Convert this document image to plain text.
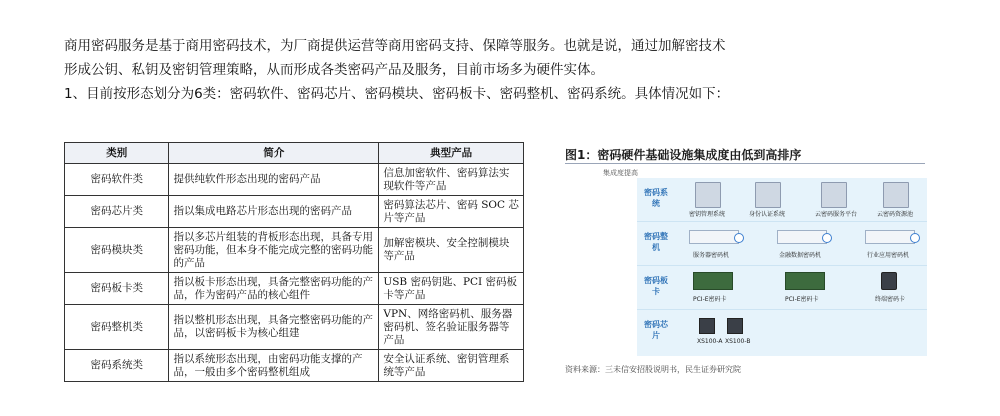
商用密码服务是基于商用密码技术，为厂商提供运营等商用密码支持、保障等服务。也就是说，通过加解密技术

形成公钥、私钥及密钥管理策略，从而形成各类密码产品及服务，目前市场多为硬件实体。

1、目前按形态划分为6类：密码软件、密码芯片、密码模块、密码板卡、密码整机、密码系统。具体情况如下：

类别	简介	典型产品
密码软件类	提供纯软件形态出现的密码产品	信息加密软件、密码算法实现软件等产品
密码芯片类	指以集成电路芯片形态出现的密码产品	密码算法芯片、密码 SOC 芯片等产品
密码模块类	指以多芯片组装的背板形态出现，具备专用密码功能，但本身不能完成完整的密码功能的产品	加解密模块、安全控制模块等产品
密码板卡类	指以板卡形态出现，具备完整密码功能的产品，作为密码产品的核心组件	USB 密码钥匙、PCI 密码板卡等产品
密码整机类	指以整机形态出现，具备完整密码功能的产品，以密码板卡为核心组建	VPN、网络密码机、服务器密码机、签名验证服务器等产品
密码系统类	指以系统形态出现，由密码功能支撑的产品，一般由多个密码整机组成	安全认证系统、密钥管理系统等产品
图1：密码硬件基础设施集成度由低到高排序
集成度提高
密码系统
密钥管理系统	身份认证系统	云密码服务平台	云密码资源池
密码整机
服务器密码机	金融数据密码机	行业应用密码机
密码板卡
PCI-E密码卡	PCI-E密码卡	终端密码卡
密码芯片
XS100-A XS100-B
资料来源：三未信安招股说明书，民生证券研究院
